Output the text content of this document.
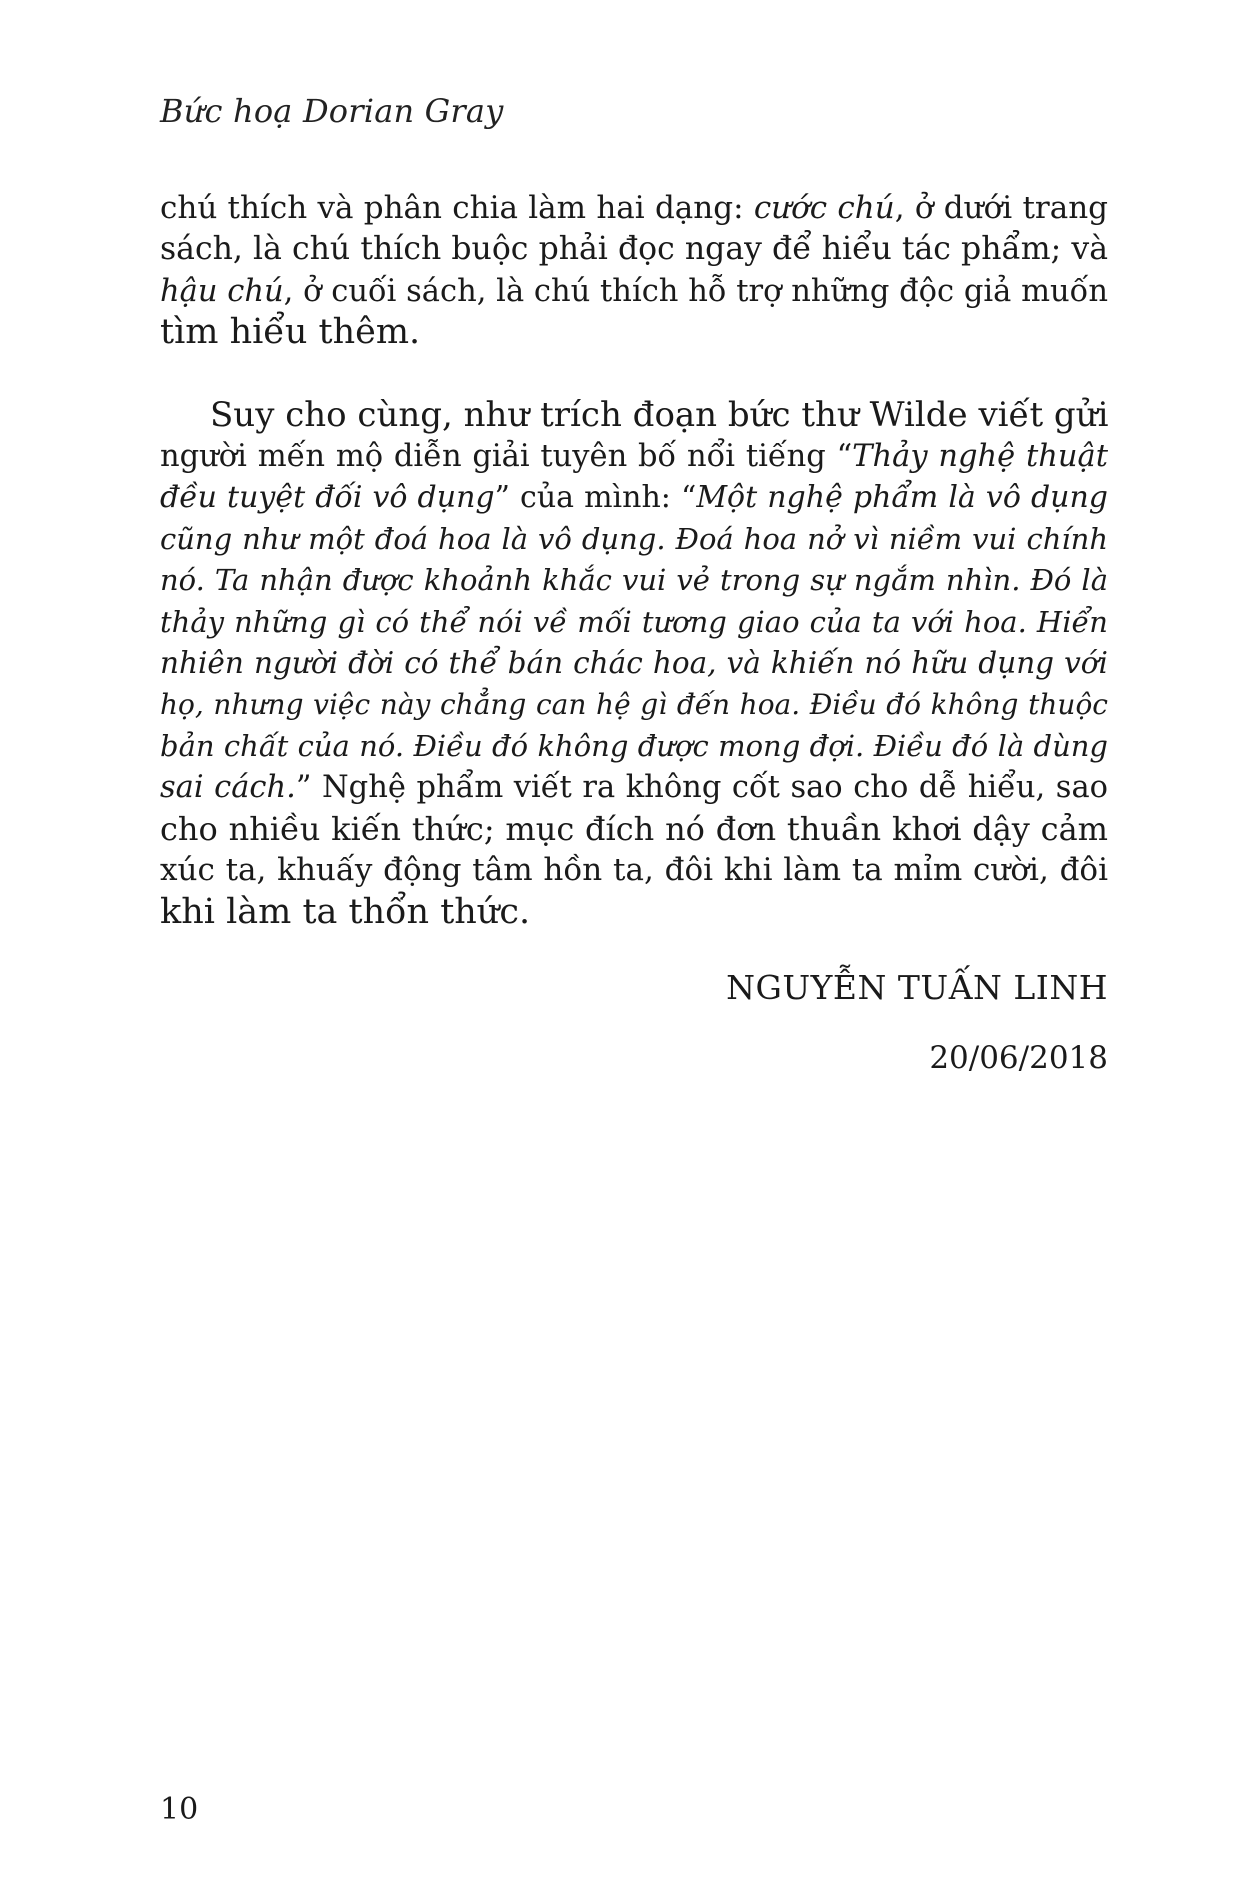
Bức hoạ Dorian Gray
chú thích và phân chia làm hai dạng: cước chú, ở dưới trang
sách, là chú thích buộc phải đọc ngay để hiểu tác phẩm; và
hậu chú, ở cuối sách, là chú thích hỗ trợ những độc giả muốn
tìm hiểu thêm.
Suy cho cùng, như trích đoạn bức thư Wilde viết gửi
người mến mộ diễn giải tuyên bố nổi tiếng “Thảy nghệ thuật
đều tuyệt đối vô dụng” của mình: “Một nghệ phẩm là vô dụng
cũng như một đoá hoa là vô dụng. Đoá hoa nở vì niềm vui chính
nó. Ta nhận được khoảnh khắc vui vẻ trong sự ngắm nhìn. Đó là
thảy những gì có thể nói về mối tương giao của ta với hoa. Hiển
nhiên người đời có thể bán chác hoa, và khiến nó hữu dụng với
họ, nhưng việc này chẳng can hệ gì đến hoa. Điều đó không thuộc
bản chất của nó. Điều đó không được mong đợi. Điều đó là dùng
sai cách.” Nghệ phẩm viết ra không cốt sao cho dễ hiểu, sao
cho nhiều kiến thức; mục đích nó đơn thuần khơi dậy cảm
xúc ta, khuấy động tâm hồn ta, đôi khi làm ta mỉm cười, đôi
khi làm ta thổn thức.
NGUYỄN TUẤN LINH
20/06/2018
10
